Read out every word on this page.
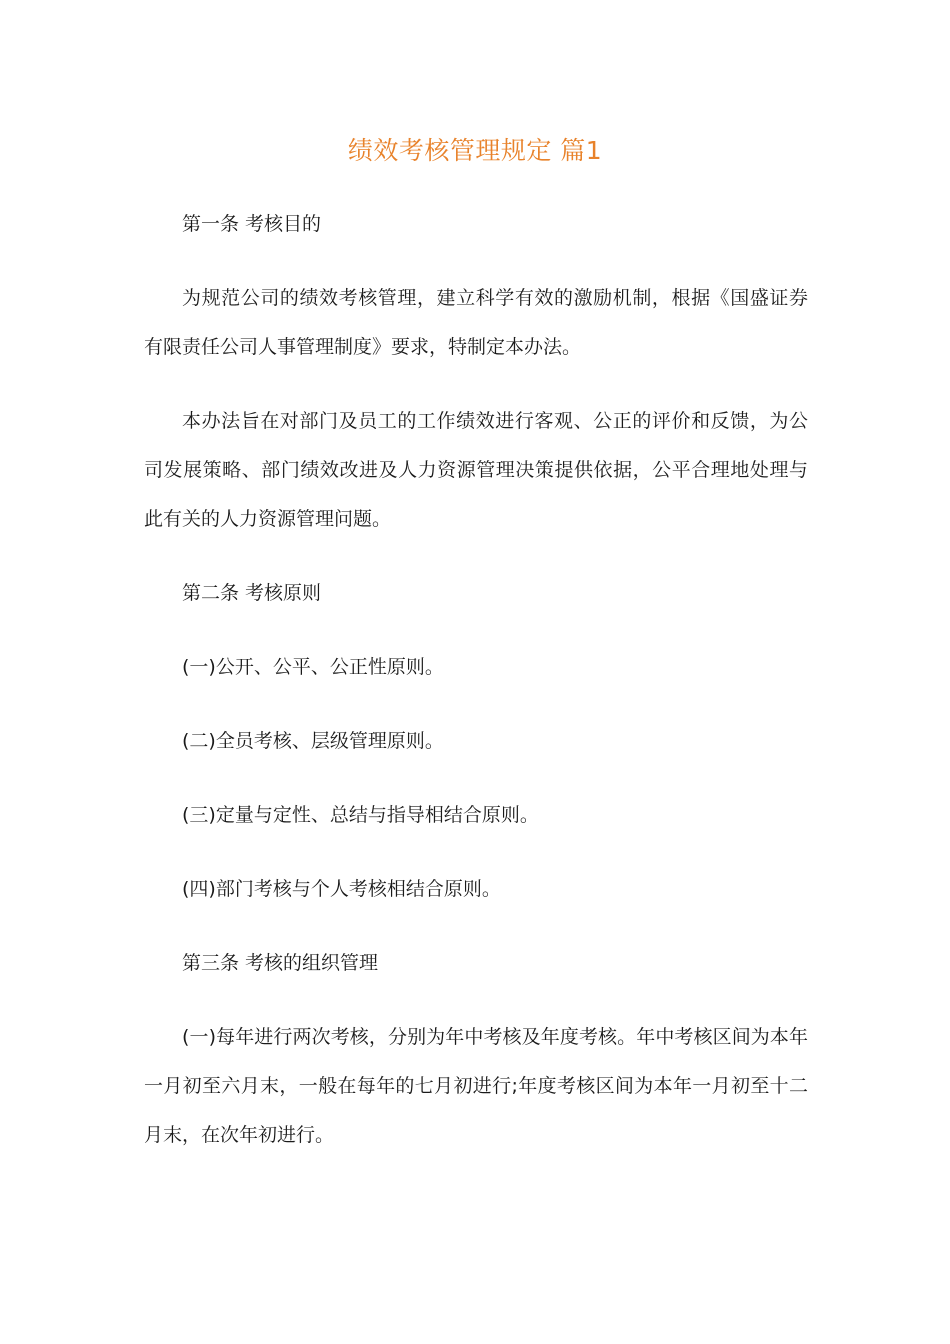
绩效考核管理规定 篇1

第一条 考核目的

为规范公司的绩效考核管理，建立科学有效的激励机制，根据《国盛证券有限责任公司人事管理制度》要求，特制定本办法。

本办法旨在对部门及员工的工作绩效进行客观、公正的评价和反馈，为公司发展策略、部门绩效改进及人力资源管理决策提供依据，公平合理地处理与此有关的人力资源管理问题。

第二条 考核原则

(一)公开、公平、公正性原则。

(二)全员考核、层级管理原则。

(三)定量与定性、总结与指导相结合原则。

(四)部门考核与个人考核相结合原则。

第三条 考核的组织管理

(一)每年进行两次考核，分别为年中考核及年度考核。年中考核区间为本年一月初至六月末，一般在每年的七月初进行;年度考核区间为本年一月初至十二月末，在次年初进行。
